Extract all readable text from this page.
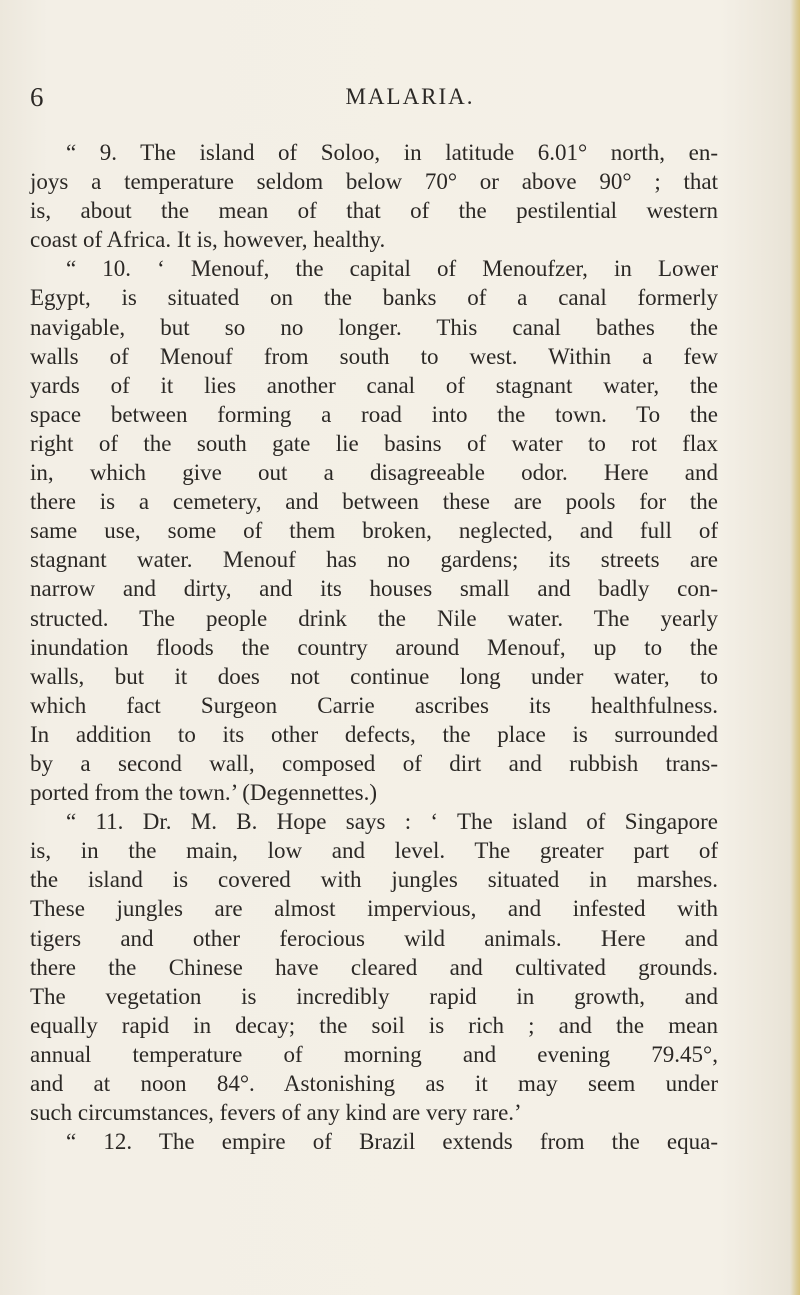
6	MALARIA.
“ 9. The island of Soloo, in latitude 6.01° north, en-
joys a temperature seldom below 70° or above 90° ; that
is, about the mean of that of the pestilential western
coast of Africa. It is, however, healthy.
“ 10. ‘ Menouf, the capital of Menoufzer, in Lower
Egypt, is situated on the banks of a canal formerly
navigable, but so no longer. This canal bathes the
walls of Menouf from south to west. Within a few
yards of it lies another canal of stagnant water, the
space between forming a road into the town. To the
right of the south gate lie basins of water to rot flax
in, which give out a disagreeable odor. Here and
there is a cemetery, and between these are pools for the
same use, some of them broken, neglected, and full of
stagnant water. Menouf has no gardens; its streets are
narrow and dirty, and its houses small and badly con-
structed. The people drink the Nile water. The yearly
inundation floods the country around Menouf, up to the
walls, but it does not continue long under water, to
which fact Surgeon Carrie ascribes its healthfulness.
In addition to its other defects, the place is surrounded
by a second wall, composed of dirt and rubbish trans-
ported from the town.’ (Degennettes.)
“ 11. Dr. M. B. Hope says : ‘ The island of Singapore
is, in the main, low and level. The greater part of
the island is covered with jungles situated in marshes.
These jungles are almost impervious, and infested with
tigers and other ferocious wild animals. Here and
there the Chinese have cleared and cultivated grounds.
The vegetation is incredibly rapid in growth, and
equally rapid in decay; the soil is rich ; and the mean
annual temperature of morning and evening 79.45°,
and at noon 84°. Astonishing as it may seem under
such circumstances, fevers of any kind are very rare.’
“ 12. The empire of Brazil extends from the equa-
